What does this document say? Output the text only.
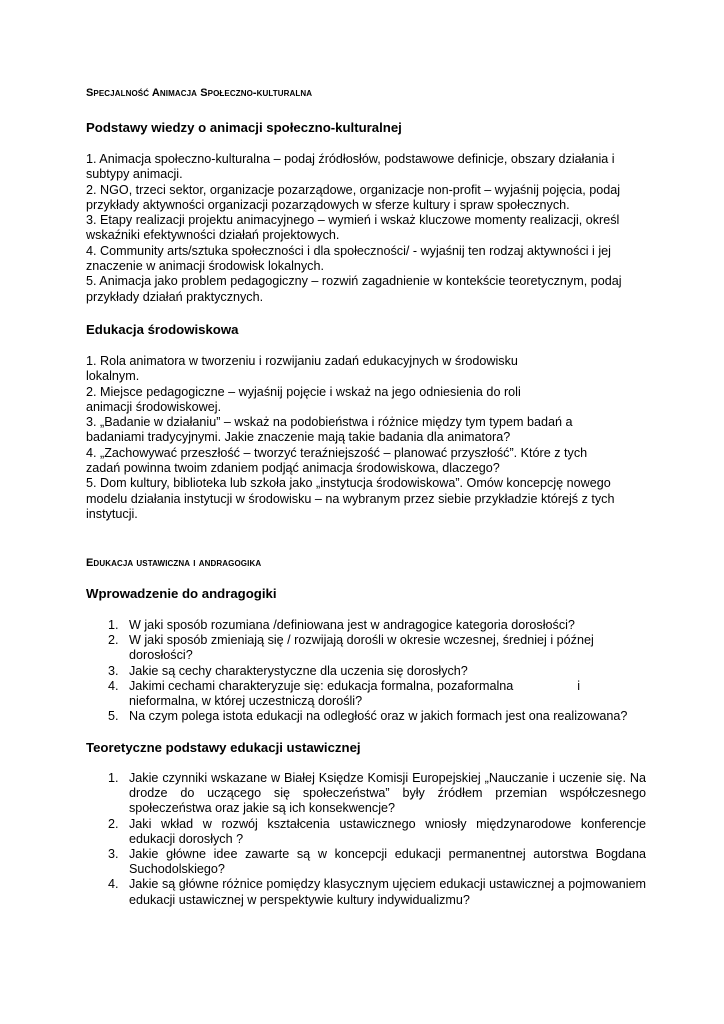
Specjalność Animacja Społeczno-kulturalna
Podstawy wiedzy o animacji społeczno-kulturalnej
1. Animacja społeczno-kulturalna – podaj źródłosłów, podstawowe definicje, obszary działania i subtypy animacji.
2. NGO, trzeci sektor, organizacje pozarządowe, organizacje non-profit – wyjaśnij pojęcia, podaj przykłady aktywności organizacji pozarządowych w sferze kultury i spraw społecznych.
3. Etapy realizacji projektu animacyjnego – wymień i wskaż kluczowe momenty realizacji, określ wskaźniki efektywności działań projektowych.
4. Community arts/sztuka społeczności i dla społeczności/ - wyjaśnij ten rodzaj aktywności i jej znaczenie w animacji środowisk lokalnych.
5. Animacja jako problem pedagogiczny – rozwiń zagadnienie w kontekście teoretycznym, podaj przykłady działań praktycznych.
Edukacja środowiskowa
1. Rola animatora w tworzeniu i rozwijaniu zadań edukacyjnych w środowisku lokalnym.
2. Miejsce pedagogiczne – wyjaśnij pojęcie i wskaż na jego odniesienia do roli animacji środowiskowej.
3. „Badanie w działaniu” – wskaż na podobieństwa i różnice między tym typem badań a badaniami tradycyjnymi. Jakie znaczenie mają takie badania dla animatora?
4. „Zachowywać przeszłość – tworzyć teraźniejszość – planować przyszłość”. Które z tych zadań powinna twoim zdaniem podjąć animacja środowiskowa, dlaczego?
5. Dom kultury, biblioteka lub szkoła jako „instytucja środowiskowa”. Omów koncepcję nowego modelu działania instytucji w środowisku – na wybranym przez siebie przykładzie którejś z tych instytucji.
Edukacja ustawiczna i andragogika
Wprowadzenie do andragogiki
1. W jaki sposób rozumiana /definiowana jest w andragogice kategoria dorosłości?
2. W jaki sposób zmieniają się / rozwijają dorośli w okresie wczesnej, średniej i późnej dorosłości?
3. Jakie są cechy charakterystyczne dla uczenia się dorosłych?
4. Jakimi cechami charakteryzuje się: edukacja formalna, pozaformalna	i
nieformalna, w której uczestniczą dorośli?
5. Na czym polega istota edukacji na odległość oraz w jakich formach jest ona realizowana?
Teoretyczne podstawy edukacji ustawicznej
1. Jakie czynniki wskazane w Białej Księdze Komisji Europejskiej „Nauczanie i uczenie się. Na drodze do uczącego się społeczeństwa” były źródłem przemian współczesnego społeczeństwa oraz jakie są ich konsekwencje?
2. Jaki wkład w rozwój kształcenia ustawicznego wniosły międzynarodowe konferencje edukacji dorosłych ?
3. Jakie główne idee zawarte są w koncepcji edukacji permanentnej autorstwa Bogdana Suchodolskiego?
4. Jakie są główne różnice pomiędzy klasycznym ujęciem edukacji ustawicznej a pojmowaniem edukacji ustawicznej w perspektywie kultury indywidualizmu?
